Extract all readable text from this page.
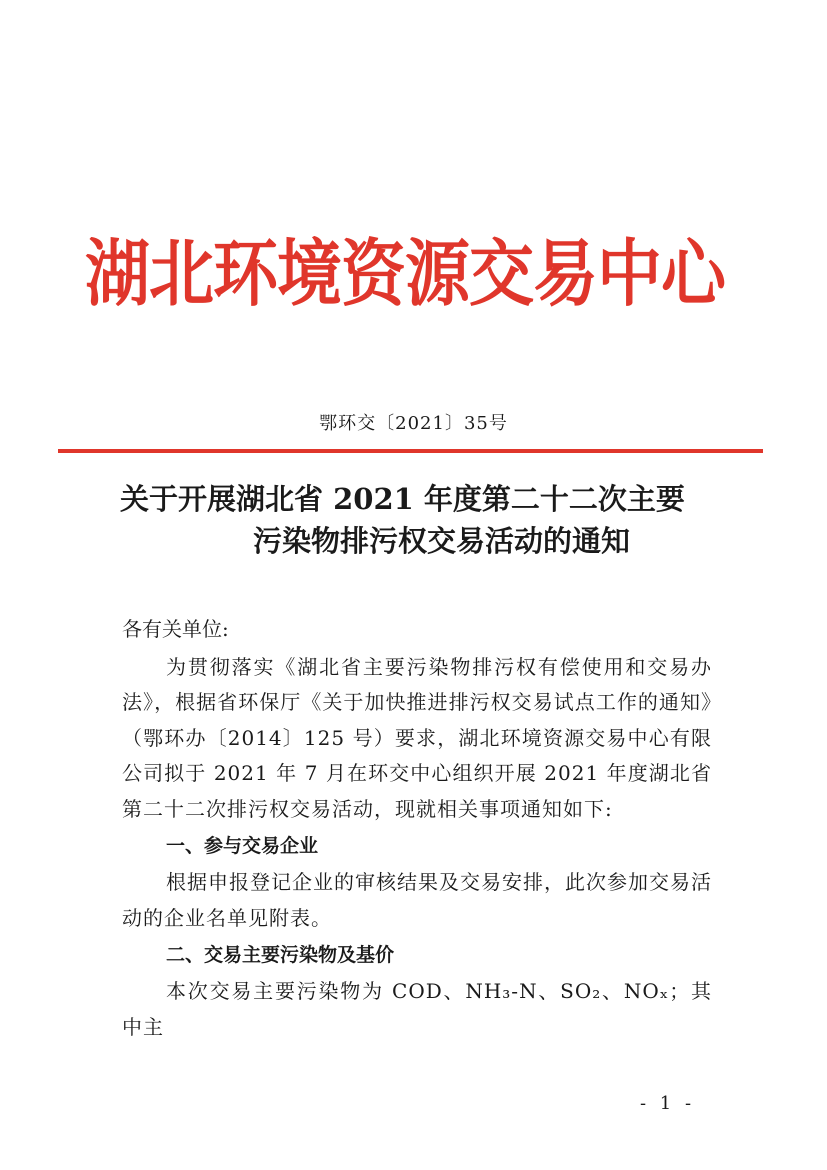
湖北环境资源交易中心
鄂环交〔2021〕35号
关于开展湖北省 2021 年度第二十二次主要
污染物排污权交易活动的通知

各有关单位:

为贯彻落实《湖北省主要污染物排污权有偿使用和交易办法》，根据省环保厅《关于加快推进排污权交易试点工作的通知》（鄂环办〔2014〕125 号）要求，湖北环境资源交易中心有限公司拟于 2021 年 7 月在环交中心组织开展 2021 年度湖北省第二十二次排污权交易活动，现就相关事项通知如下:

一、参与交易企业

根据申报登记企业的审核结果及交易安排，此次参加交易活动的企业名单见附表。

二、交易主要污染物及基价

本次交易主要污染物为 COD、NH₃-N、SO₂、NOₓ；其中主

- 1 -
